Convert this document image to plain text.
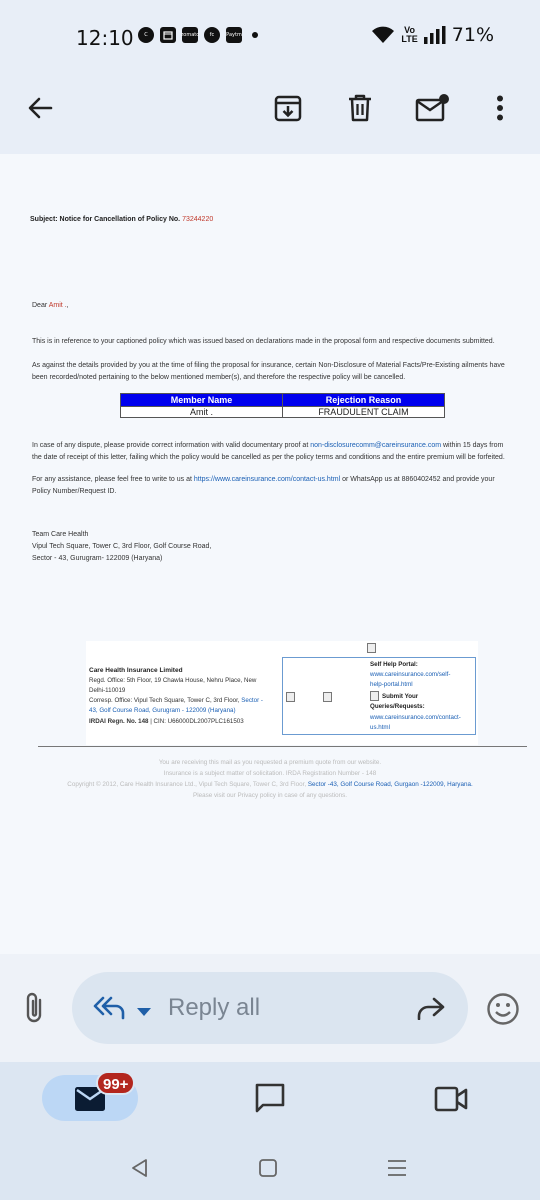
12:10	C	zomato	fc	Paytm	Vo
LTE 71%
Subject: Notice for Cancellation of Policy No. 73244220
Dear Amit .,
This is in reference to your captioned policy which was issued based on declarations made in the proposal form and respective documents submitted.
As against the details provided by you at the time of filing the proposal for insurance, certain Non-Disclosure of Material Facts/Pre-Existing ailments have
been recorded/noted pertaining to the below mentioned member(s), and therefore the respective policy will be cancelled.
Member Name	Rejection Reason
Amit .	FRAUDULENT CLAIM
In case of any dispute, please provide correct information with valid documentary proof at non-disclosurecomm@careinsurance.com within 15 days from
the date of receipt of this letter, failing which the policy would be cancelled as per the policy terms and conditions and the entire premium will be forfeited.
For any assistance, please feel free to write to us at https://www.careinsurance.com/contact-us.html or WhatsApp us at 8860402452 and provide your
Policy Number/Request ID.
Team Care Health
Vipul Tech Square, Tower C, 3rd Floor, Golf Course Road,
Sector - 43, Gurugram- 122009 (Haryana)
Care Health Insurance Limited
Regd. Office: 5th Floor, 19 Chawla House, Nehru Place, New
Delhi-110019
Corresp. Office: Vipul Tech Square, Tower C, 3rd Floor, Sector -
43, Golf Course Road, Gurugram - 122009 (Haryana)
IRDAI Regn. No. 148 | CIN: U66000DL2007PLC161503
Self Help Portal:
www.careinsurance.com/self-
help-portal.html
Submit Your
Queries/Requests:
www.careinsurance.com/contact-
us.html
You are receiving this mail as you requested a premium quote from our website.
Insurance is a subject matter of solicitation. IRDA Registration Number - 148
Copyright © 2012, Care Health Insurance Ltd., Vipul Tech Square, Tower C, 3rd Floor, Sector -43, Golf Course Road, Gurgaon -122009, Haryana.
Please visit our Privacy policy in case of any questions.
Reply all
99+
